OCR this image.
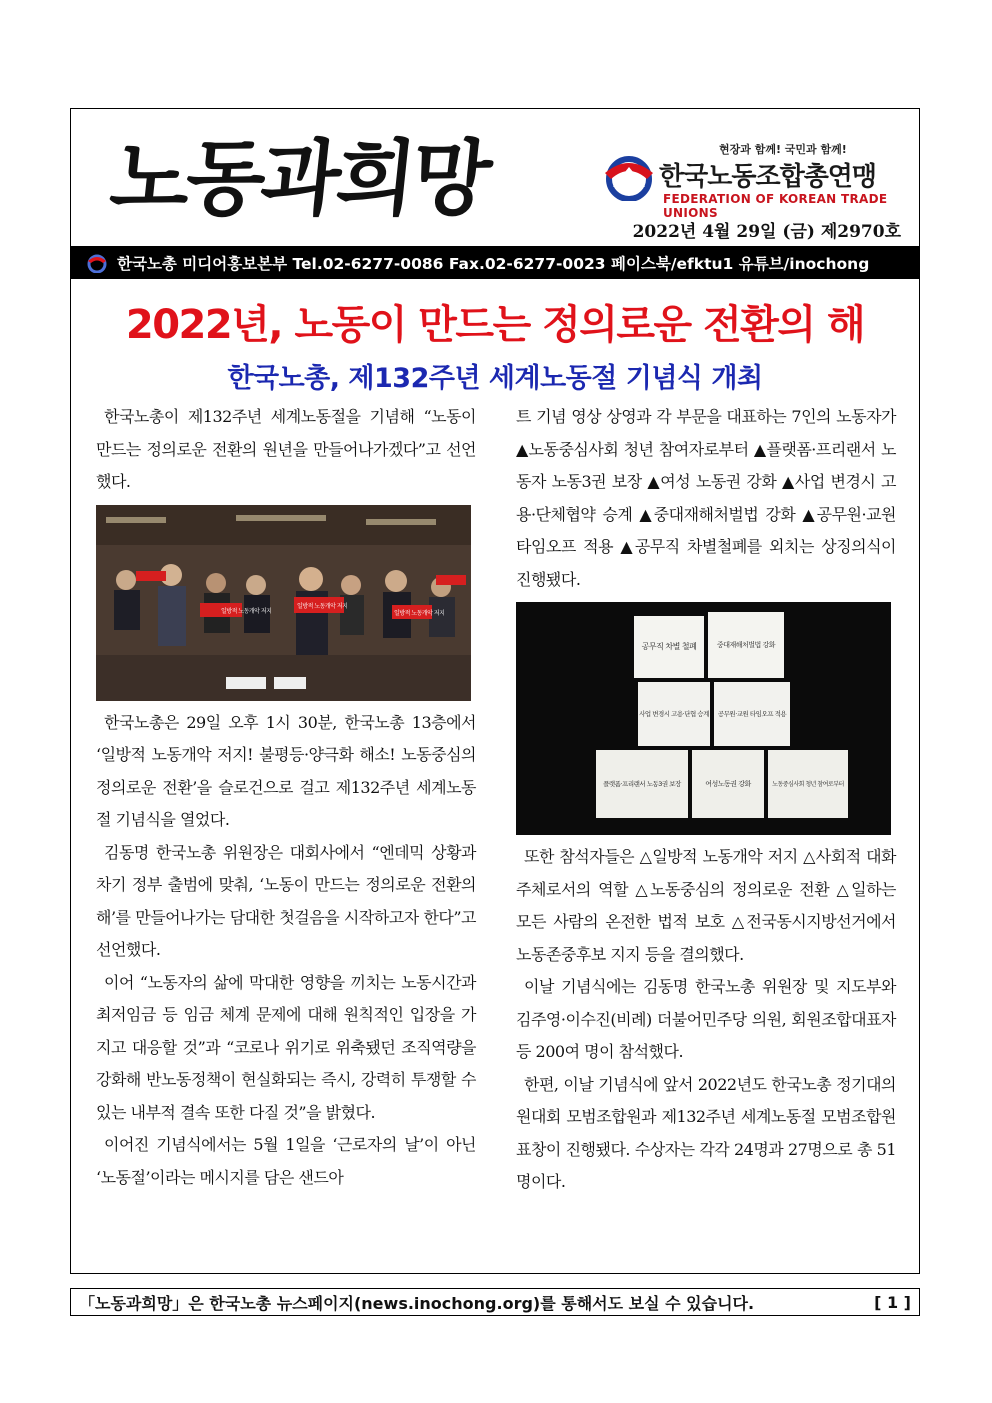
노동과희망	현장과 함께! 국민과 함께!
한국노동조합총연맹
FEDERATION OF KOREAN TRADE UNIONS
2022년 4월 29일 (금) 제2970호
한국노총 미디어홍보본부 Tel.02-6277-0086 Fax.02-6277-0023 페이스북/efktu1 유튜브/inochong
2022년, 노동이 만드는 정의로운 전환의 해
한국노총, 제132주년 세계노동절 기념식 개최

한국노총이 제132주년 세계노동절을 기념해 “노동이 만드는 정의로운 전환의 원년을 만들어나가겠다”고 선언했다.

일방적 노동개악 저지
일방적 노동개악 저지
일방적 노동개악 저지

한국노총은 29일 오후 1시 30분, 한국노총 13층에서 ‘일방적 노동개악 저지! 불평등·양극화 해소! 노동중심의 정의로운 전환’을 슬로건으로 걸고 제132주년 세계노동절 기념식을 열었다.

김동명 한국노총 위원장은 대회사에서 “엔데믹 상황과 차기 정부 출범에 맞춰, ‘노동이 만드는 정의로운 전환의 해’를 만들어나가는 담대한 첫걸음을 시작하고자 한다”고 선언했다.

이어 “노동자의 삶에 막대한 영향을 끼치는 노동시간과 최저임금 등 임금 체계 문제에 대해 원칙적인 입장을 가지고 대응할 것”과 “코로나 위기로 위축됐던 조직역량을 강화해 반노동정책이 현실화되는 즉시, 강력히 투쟁할 수 있는 내부적 결속 또한 다질 것”을 밝혔다.

이어진 기념식에서는 5월 1일을 ‘근로자의 날’이 아닌 ‘노동절’이라는 메시지를 담은 샌드아

트 기념 영상 상영과 각 부문을 대표하는 7인의 노동자가 ▲노동중심사회 청년 참여자로부터 ▲플랫폼·프리랜서 노동자 노동3권 보장 ▲여성 노동권 강화 ▲사업 변경시 고용·단체협약 승계 ▲중대재해처벌법 강화 ▲공무원·교원 타임오프 적용 ▲공무직 차별철폐를 외치는 상징의식이 진행됐다.

공무직 차별 철폐	중대재해처벌법 강화
사업 변경시 고용·단협 승계 공무원·교원 타임오프 적용
플랫폼·프리랜서 노동3권 보장	여성노동권 강화	노동중심사회 청년 참여로부터

또한 참석자들은 △일방적 노동개악 저지 △사회적 대화 주체로서의 역할 △노동중심의 정의로운 전환 △일하는 모든 사람의 온전한 법적 보호 △전국동시지방선거에서 노동존중후보 지지 등을 결의했다.

이날 기념식에는 김동명 한국노총 위원장 및 지도부와 김주영·이수진(비례) 더불어민주당 의원, 회원조합대표자 등 200여 명이 참석했다.

한편, 이날 기념식에 앞서 2022년도 한국노총 정기대의원대회 모범조합원과 제132주년 세계노동절 모범조합원 표창이 진행됐다. 수상자는 각각 24명과 27명으로 총 51명이다.

「노동과희망」은 한국노총 뉴스페이지(news.inochong.org)를 통해서도 보실 수 있습니다.	[ 1 ]
